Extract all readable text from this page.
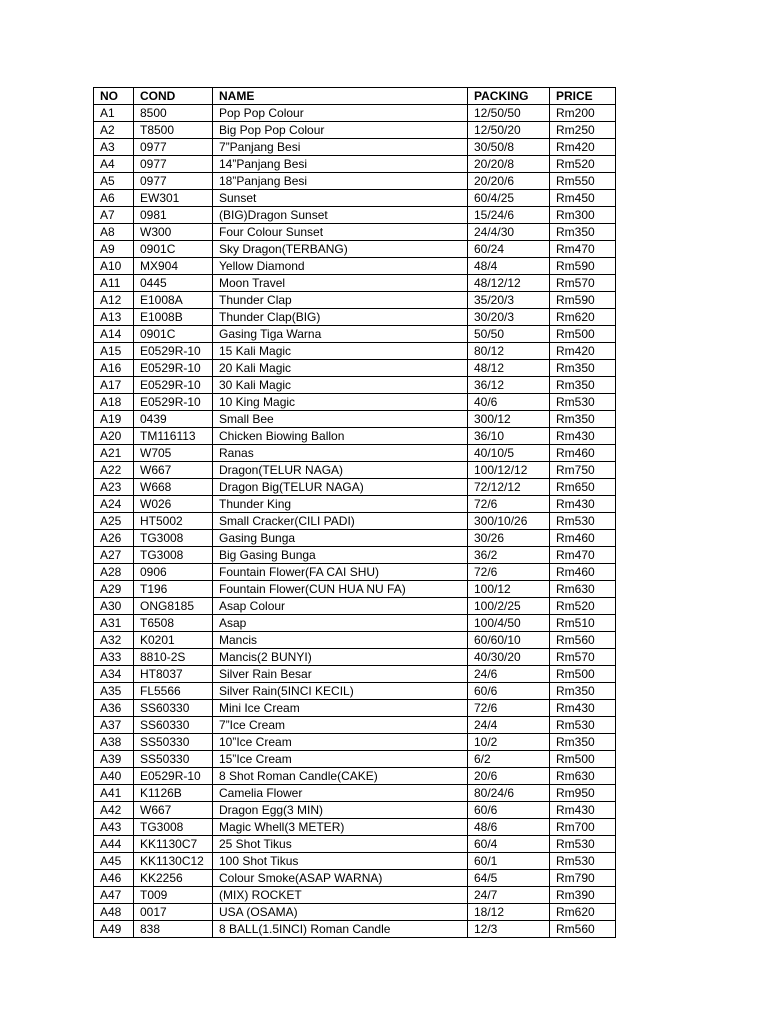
NO	COND	NAME	PACKING	PRICE
A1	8500	Pop Pop Colour	12/50/50	Rm200
A2	T8500	Big Pop Pop Colour	12/50/20	Rm250
A3	0977	7”Panjang Besi	30/50/8	Rm420
A4	0977	14”Panjang Besi	20/20/8	Rm520
A5	0977	18”Panjang Besi	20/20/6	Rm550
A6	EW301	Sunset	60/4/25	Rm450
A7	0981	(BIG)Dragon Sunset	15/24/6	Rm300
A8	W300	Four Colour Sunset	24/4/30	Rm350
A9	0901C	Sky Dragon(TERBANG)	60/24	Rm470
A10	MX904	Yellow Diamond	48/4	Rm590
A11	0445	Moon Travel	48/12/12	Rm570
A12	E1008A	Thunder Clap	35/20/3	Rm590
A13	E1008B	Thunder Clap(BIG)	30/20/3	Rm620
A14	0901C	Gasing Tiga Warna	50/50	Rm500
A15	E0529R-10	15 Kali Magic	80/12	Rm420
A16	E0529R-10	20 Kali Magic	48/12	Rm350
A17	E0529R-10	30 Kali Magic	36/12	Rm350
A18	E0529R-10	10 King Magic	40/6	Rm530
A19	0439	Small Bee	300/12	Rm350
A20	TM116113	Chicken Biowing Ballon	36/10	Rm430
A21	W705	Ranas	40/10/5	Rm460
A22	W667	Dragon(TELUR NAGA)	100/12/12	Rm750
A23	W668	Dragon Big(TELUR NAGA)	72/12/12	Rm650
A24	W026	Thunder King	72/6	Rm430
A25	HT5002	Small Cracker(CILI PADI)	300/10/26	Rm530
A26	TG3008	Gasing Bunga	30/26	Rm460
A27	TG3008	Big Gasing Bunga	36/2	Rm470
A28	0906	Fountain Flower(FA CAI SHU)	72/6	Rm460
A29	T196	Fountain Flower(CUN HUA NU FA)	100/12	Rm630
A30	ONG8185	Asap Colour	100/2/25	Rm520
A31	T6508	Asap	100/4/50	Rm510
A32	K0201	Mancis	60/60/10	Rm560
A33	8810-2S	Mancis(2 BUNYI)	40/30/20	Rm570
A34	HT8037	Silver Rain Besar	24/6	Rm500
A35	FL5566	Silver Rain(5INCI KECIL)	60/6	Rm350
A36	SS60330	Mini Ice Cream	72/6	Rm430
A37	SS60330	7”Ice Cream	24/4	Rm530
A38	SS50330	10”Ice Cream	10/2	Rm350
A39	SS50330	15”Ice Cream	6/2	Rm500
A40	E0529R-10	8 Shot Roman Candle(CAKE)	20/6	Rm630
A41	K1126B	Camelia Flower	80/24/6	Rm950
A42	W667	Dragon Egg(3 MIN)	60/6	Rm430
A43	TG3008	Magic Whell(3 METER)	48/6	Rm700
A44	KK1130C7	25 Shot Tikus	60/4	Rm530
A45	KK1130C12	100 Shot Tikus	60/1	Rm530
A46	KK2256	Colour Smoke(ASAP WARNA)	64/5	Rm790
A47	T009	(MIX) ROCKET	24/7	Rm390
A48	0017	USA (OSAMA)	18/12	Rm620
A49	838	8 BALL(1.5INCI) Roman Candle	12/3	Rm560
